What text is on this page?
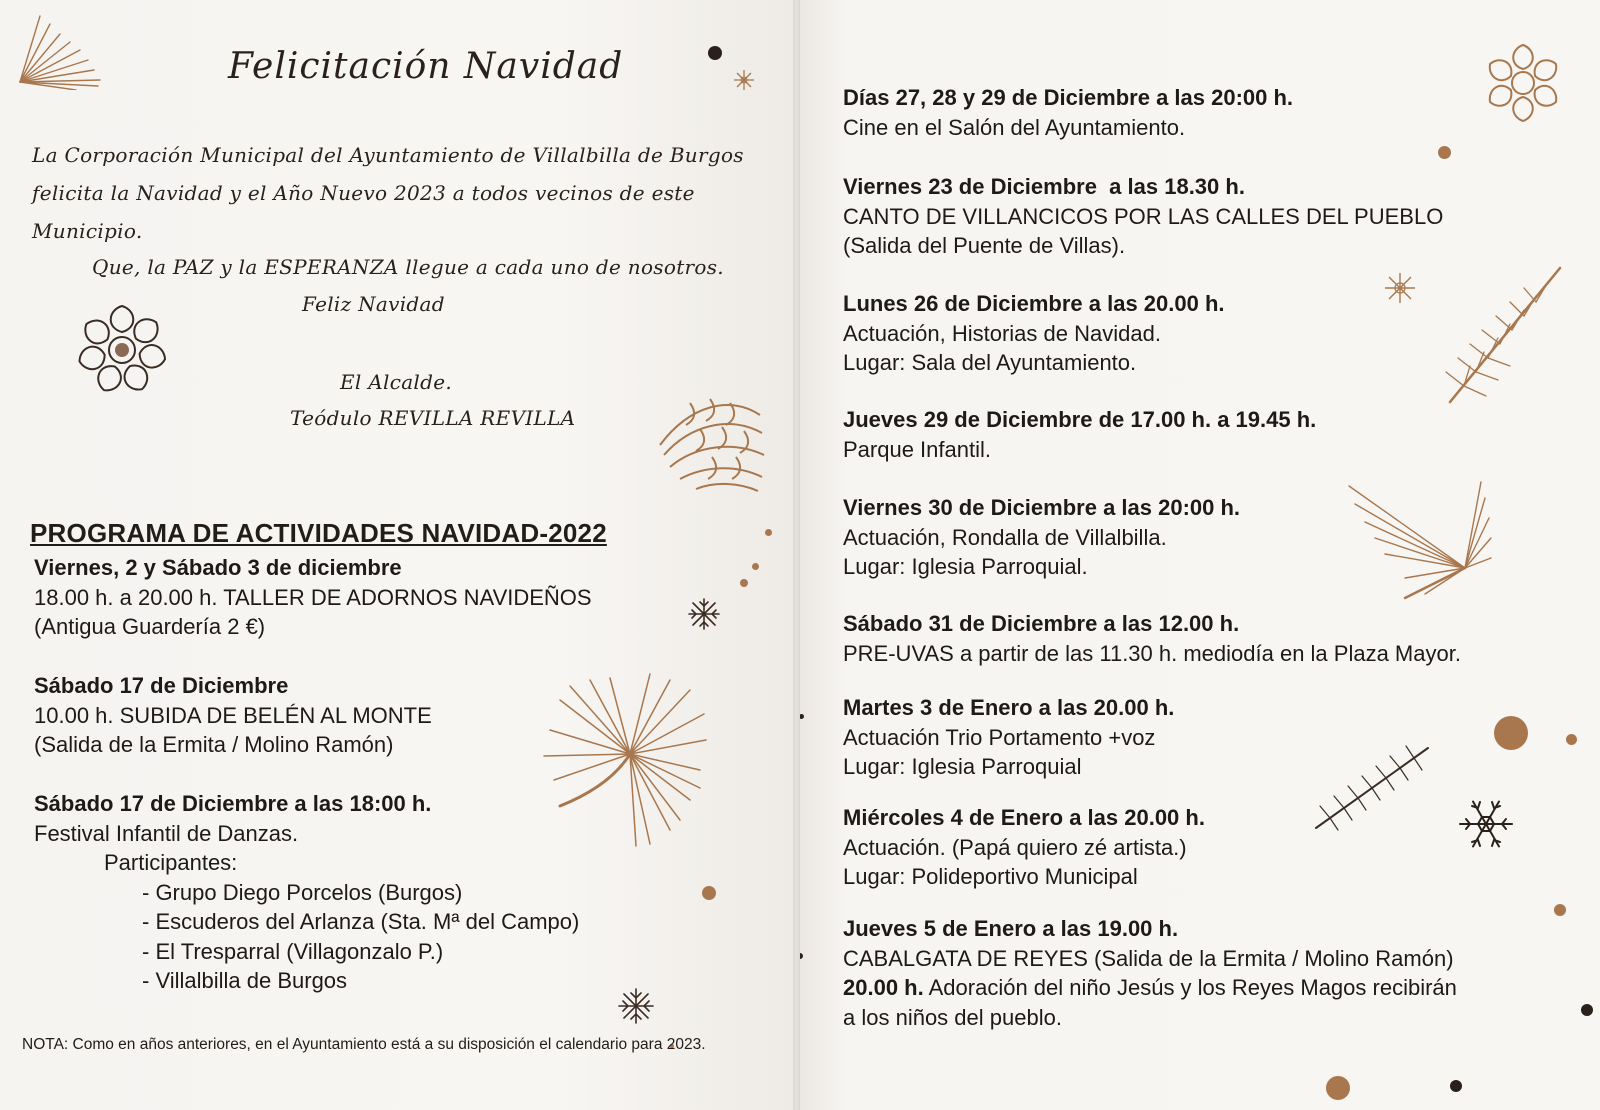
Felicitación Navidad
La Corporación Municipal del Ayuntamiento de Villalbilla de Burgos felicita la Navidad y el Año Nuevo 2023 a todos vecinos de este Municipio.
Que, la PAZ y la ESPERANZA llegue a cada uno de nosotros.
Feliz Navidad
El Alcalde.
Teódulo REVILLA REVILLA
PROGRAMA DE ACTIVIDADES NAVIDAD-2022
Viernes, 2 y Sábado 3 de diciembre
18.00 h. a 20.00 h. TALLER DE ADORNOS NAVIDEÑOS
(Antigua Guardería 2 €)
Sábado 17 de Diciembre
10.00 h. SUBIDA DE BELÉN AL MONTE
(Salida de la Ermita / Molino Ramón)
Sábado 17 de Diciembre a las 18:00 h.
Festival Infantil de Danzas.
Participantes:
- Grupo Diego Porcelos (Burgos)
- Escuderos del Arlanza (Sta. Mª del Campo)
- El Tresparral (Villagonzalo P.)
- Villalbilla de Burgos
NOTA: Como en años anteriores, en el Ayuntamiento está a su disposición el calendario para 2023.
Días 27, 28 y 29 de Diciembre a las 20:00 h.
Cine en el Salón del Ayuntamiento.
Viernes 23 de Diciembre  a las 18.30 h.
CANTO DE VILLANCICOS POR LAS CALLES DEL PUEBLO
(Salida del Puente de Villas).
Lunes 26 de Diciembre a las 20.00 h.
Actuación, Historias de Navidad.
Lugar: Sala del Ayuntamiento.
Jueves 29 de Diciembre de 17.00 h. a 19.45 h.
Parque Infantil.
Viernes 30 de Diciembre a las 20:00 h.
Actuación, Rondalla de Villalbilla.
Lugar: Iglesia Parroquial.
Sábado 31 de Diciembre a las 12.00 h.
PRE-UVAS a partir de las 11.30 h. mediodía en la Plaza Mayor.
Martes 3 de Enero a las 20.00 h.
Actuación Trio Portamento +voz
Lugar: Iglesia Parroquial
Miércoles 4 de Enero a las 20.00 h.
Actuación. (Papá quiero zé artista.)
Lugar: Polideportivo Municipal
Jueves 5 de Enero a las 19.00 h.
CABALGATA DE REYES (Salida de la Ermita / Molino Ramón)
20.00 h. Adoración del niño Jesús y los Reyes Magos recibirán
a los niños del pueblo.
